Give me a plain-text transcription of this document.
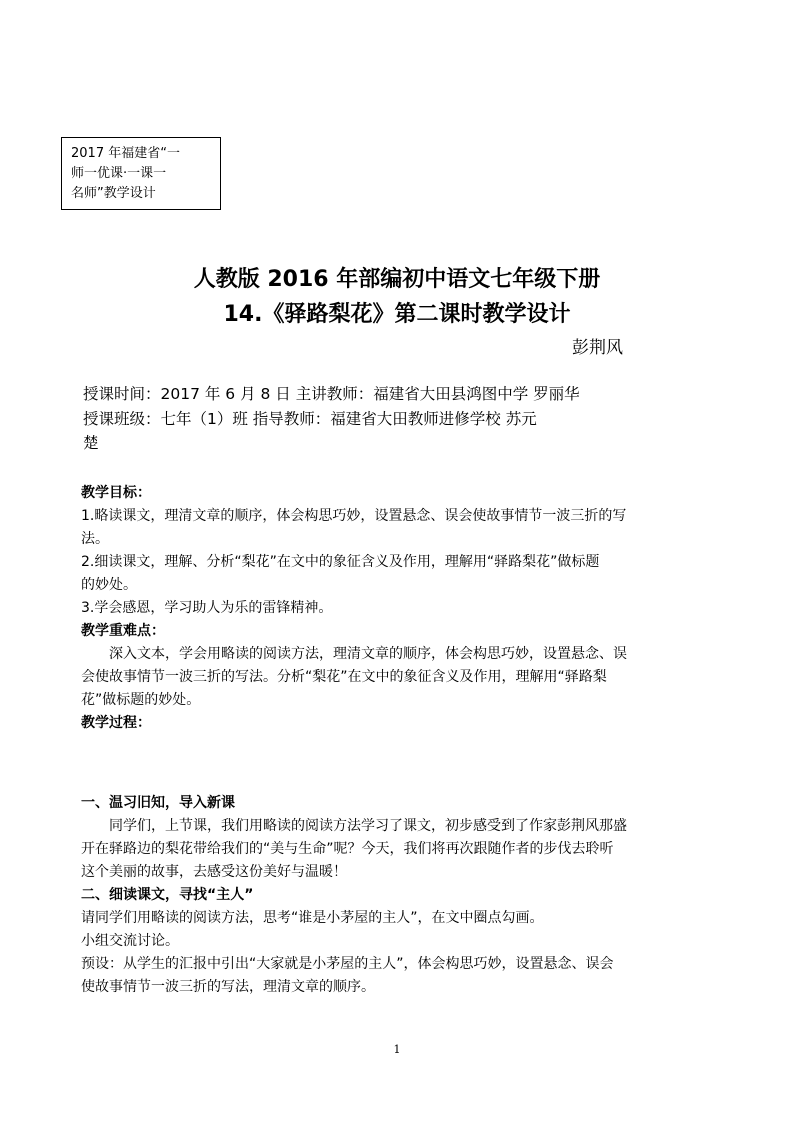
2017 年福建省“一
师一优课·一课一
名师”教学设计
人教版 2016 年部编初中语文七年级下册
14.《驿路梨花》第二课时教学设计
彭荆风
授课时间：2017 年 6 月 8 日 主讲教师：福建省大田县鸿图中学 罗丽华
授课班级：七年（1）班 指导教师：福建省大田教师进修学校 苏元
楚

教学目标：

1.略读课文，理清文章的顺序，体会构思巧妙，设置悬念、误会使故事情节一波三折的写

法。

2.细读课文，理解、分析“梨花”在文中的象征含义及作用，理解用“驿路梨花”做标题

的妙处。

3.学会感恩，学习助人为乐的雷锋精神。

教学重难点：

深入文本，学会用略读的阅读方法，理清文章的顺序，体会构思巧妙，设置悬念、误

会使故事情节一波三折的写法。分析“梨花”在文中的象征含义及作用，理解用“驿路梨

花”做标题的妙处。

教学过程：

一、温习旧知，导入新课

同学们，上节课，我们用略读的阅读方法学习了课文，初步感受到了作家彭荆风那盛

开在驿路边的梨花带给我们的“美与生命”呢？今天，我们将再次跟随作者的步伐去聆听

这个美丽的故事，去感受这份美好与温暖！

二、细读课文，寻找“主人”

请同学们用略读的阅读方法，思考“谁是小茅屋的主人”，在文中圈点勾画。

小组交流讨论。

预设：从学生的汇报中引出“大家就是小茅屋的主人”，体会构思巧妙，设置悬念、误会

使故事情节一波三折的写法，理清文章的顺序。

1
